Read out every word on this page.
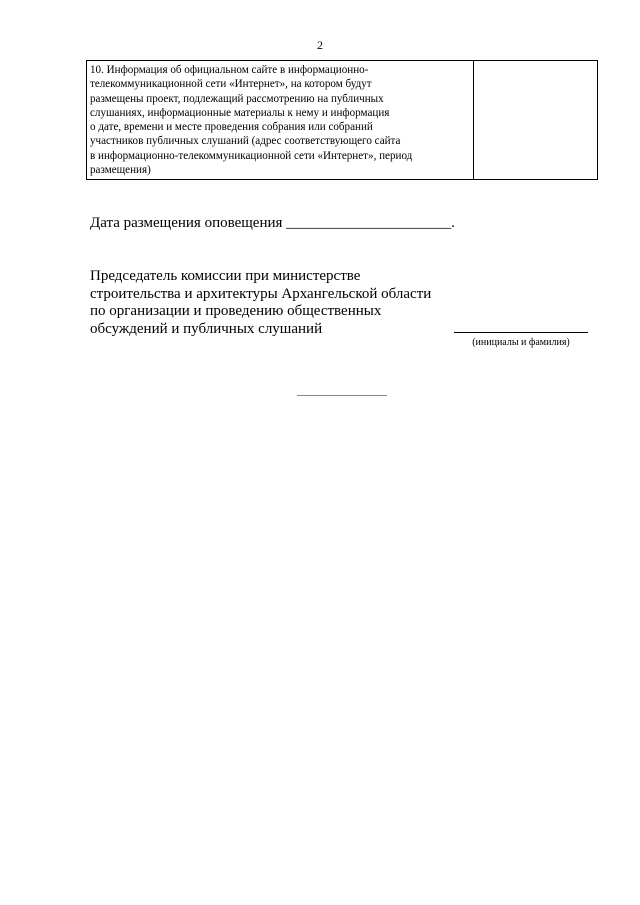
2
10. Информация об официальном сайте в информационно-
телекоммуникационной сети «Интернет», на котором будут
размещены проект, подлежащий рассмотрению на публичных
слушаниях, информационные материалы к нему и информация
о дате, времени и месте проведения собрания или собраний
участников публичных слушаний (адрес соответствующего сайта
в информационно-телекоммуникационной сети «Интернет», период
размещения)
Дата размещения оповещения ______________________.
Председатель комиссии при министерстве
строительства и архитектуры Архангельской области
по организации и проведению общественных
обсуждений и публичных слушаний
(инициалы и фамилия)
